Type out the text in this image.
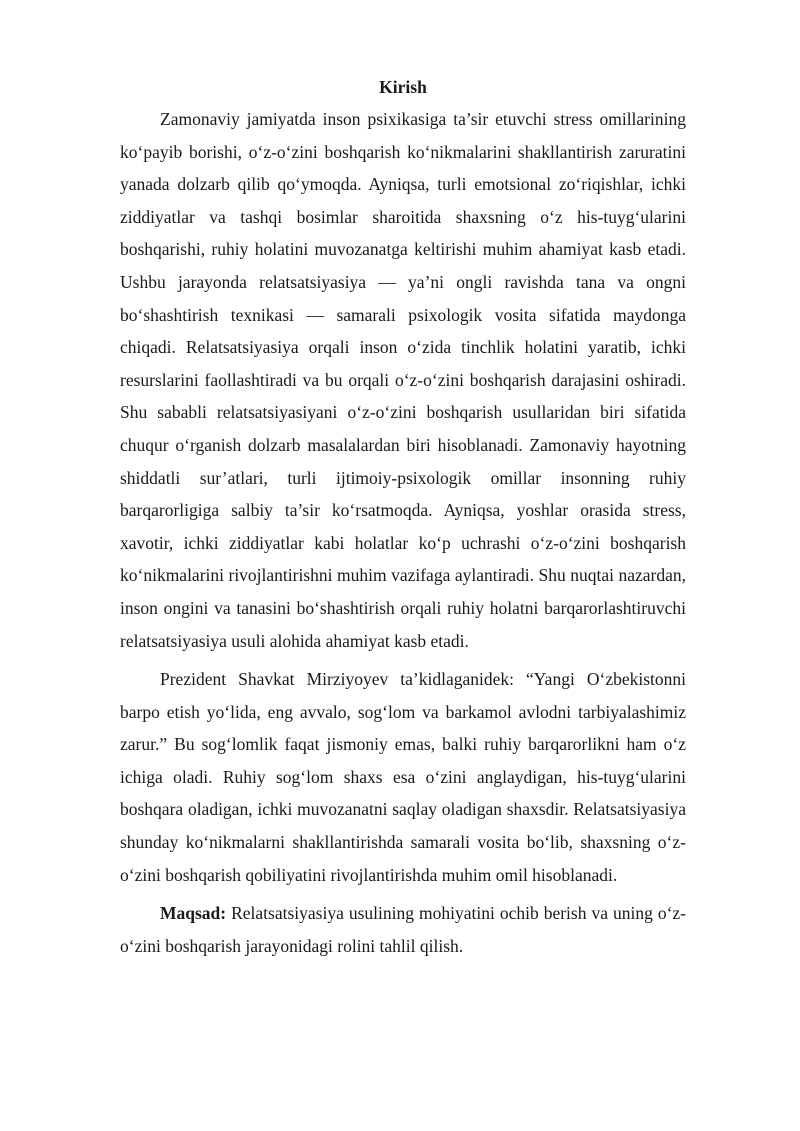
Kirish

Zamonaviy jamiyatda inson psixikasiga ta’sir etuvchi stress omillarining ko‘payib borishi, o‘z-o‘zini boshqarish ko‘nikmalarini shakllantirish zaruratini yanada dolzarb qilib qo‘ymoqda. Ayniqsa, turli emotsional zo‘riqishlar, ichki ziddiyatlar va tashqi bosimlar sharoitida shaxsning o‘z his-tuyg‘ularini boshqarishi, ruhiy holatini muvozanatga keltirishi muhim ahamiyat kasb etadi. Ushbu jarayonda relatsatsiyasiya — ya’ni ongli ravishda tana va ongni bo‘shashtirish texnikasi — samarali psixologik vosita sifatida maydonga chiqadi. Relatsatsiyasiya orqali inson o‘zida tinchlik holatini yaratib, ichki resurslarini faollashtiradi va bu orqali o‘z-o‘zini boshqarish darajasini oshiradi. Shu sababli relatsatsiyasiyani o‘z-o‘zini boshqarish usullaridan biri sifatida chuqur o‘rganish dolzarb masalalardan biri hisoblanadi. Zamonaviy hayotning shiddatli sur’atlari, turli ijtimoiy-psixologik omillar insonning ruhiy barqarorligiga salbiy ta’sir ko‘rsatmoqda. Ayniqsa, yoshlar orasida stress, xavotir, ichki ziddiyatlar kabi holatlar ko‘p uchrashi o‘z-o‘zini boshqarish ko‘nikmalarini rivojlantirishni muhim vazifaga aylantiradi. Shu nuqtai nazardan, inson ongini va tanasini bo‘shashtirish orqali ruhiy holatni barqarorlashtiruvchi relatsatsiyasiya usuli alohida ahamiyat kasb etadi.

Prezident Shavkat Mirziyoyev ta’kidlaganidek: “Yangi O‘zbekistonni barpo etish yo‘lida, eng avvalo, sog‘lom va barkamol avlodni tarbiyalashimiz zarur.” Bu sog‘lomlik faqat jismoniy emas, balki ruhiy barqarorlikni ham o‘z ichiga oladi. Ruhiy sog‘lom shaxs esa o‘zini anglaydigan, his-tuyg‘ularini boshqara oladigan, ichki muvozanatni saqlay oladigan shaxsdir. Relatsatsiyasiya shunday ko‘nikmalarni shakllantirishda samarali vosita bo‘lib, shaxsning o‘z-o‘zini boshqarish qobiliyatini rivojlantirishda muhim omil hisoblanadi.

Maqsad: Relatsatsiyasiya usulining mohiyatini ochib berish va uning o‘z-o‘zini boshqarish jarayonidagi rolini tahlil qilish.
